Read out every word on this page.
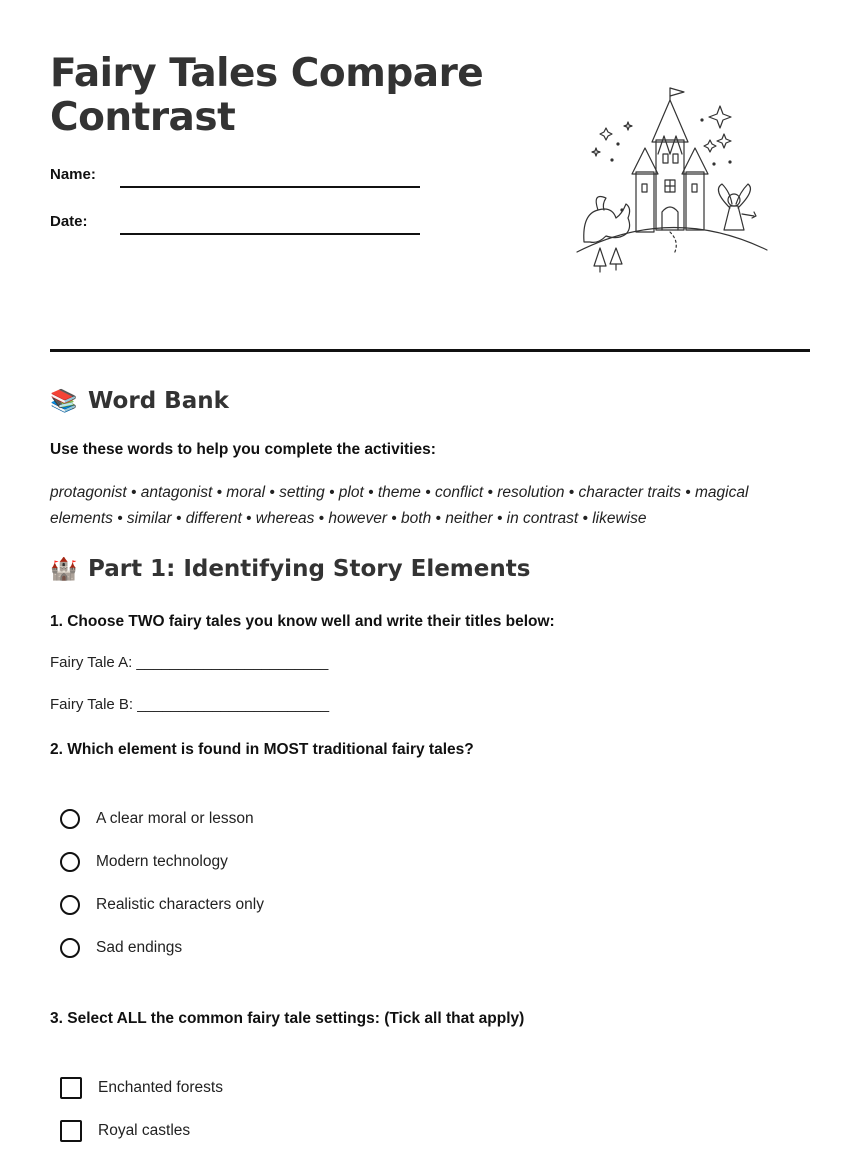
Fairy Tales Compare
Contrast
Name:
Date:
📚 Word Bank
Use these words to help you complete the activities:
protagonist • antagonist • moral • setting • plot • theme • conflict • resolution • character traits • magical
elements • similar • different • whereas • however • both • neither • in contrast • likewise
🏰 Part 1: Identifying Story Elements
1. Choose TWO fairy tales you know well and write their titles below:
Fairy Tale A: _______________________
Fairy Tale B: _______________________
2. Which element is found in MOST traditional fairy tales?
A clear moral or lesson
Modern technology
Realistic characters only
Sad endings
3. Select ALL the common fairy tale settings: (Tick all that apply)
Enchanted forests
Royal castles
